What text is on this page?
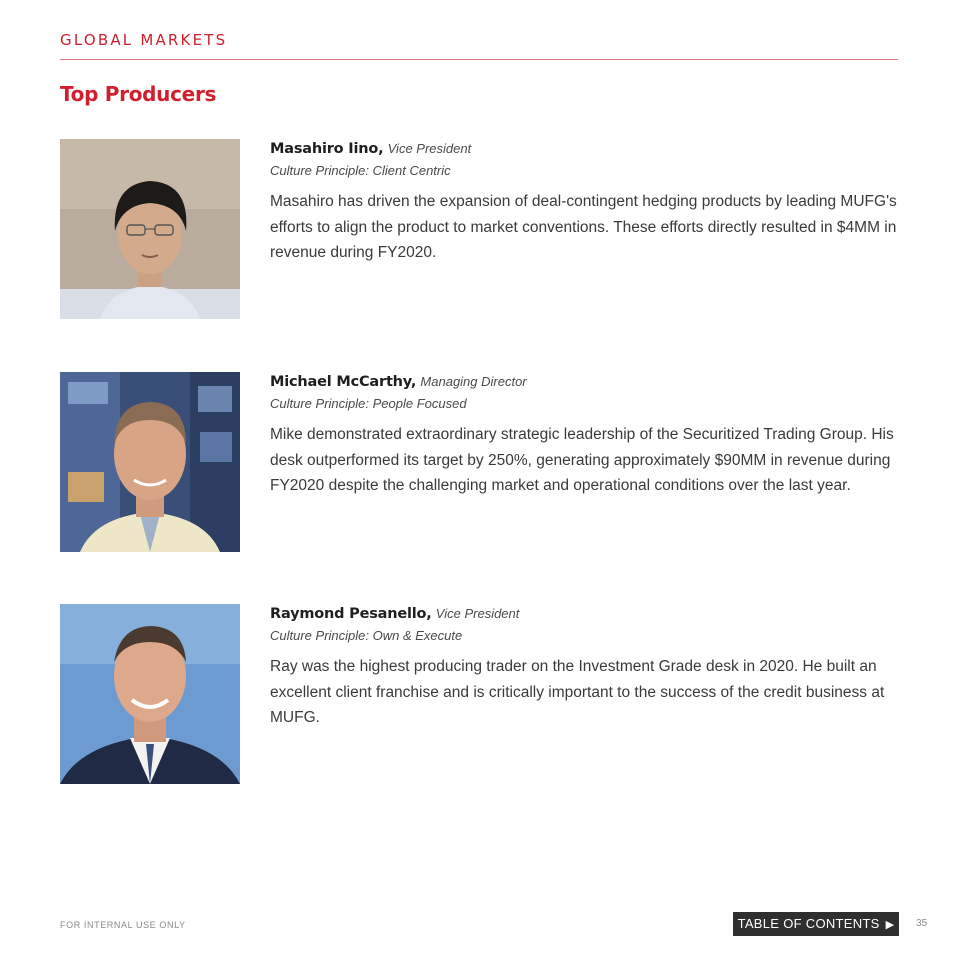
GLOBAL MARKETS
Top Producers
Masahiro Iino, Vice President
Culture Principle: Client Centric
Masahiro has driven the expansion of deal-contingent hedging products by leading MUFG's efforts to align the product to market conventions. These efforts directly resulted in $4MM in revenue during FY2020.
Michael McCarthy, Managing Director
Culture Principle: People Focused
Mike demonstrated extraordinary strategic leadership of the Securitized Trading Group. His desk outperformed its target by 250%, generating approximately $90MM in revenue during FY2020 despite the challenging market and operational conditions over the last year.
Raymond Pesanello, Vice President
Culture Principle: Own & Execute
Ray was the highest producing trader on the Investment Grade desk in 2020. He built an excellent client franchise and is critically important to the success of the credit business at MUFG.
FOR INTERNAL USE ONLY	TABLE OF CONTENTS ▶	35
